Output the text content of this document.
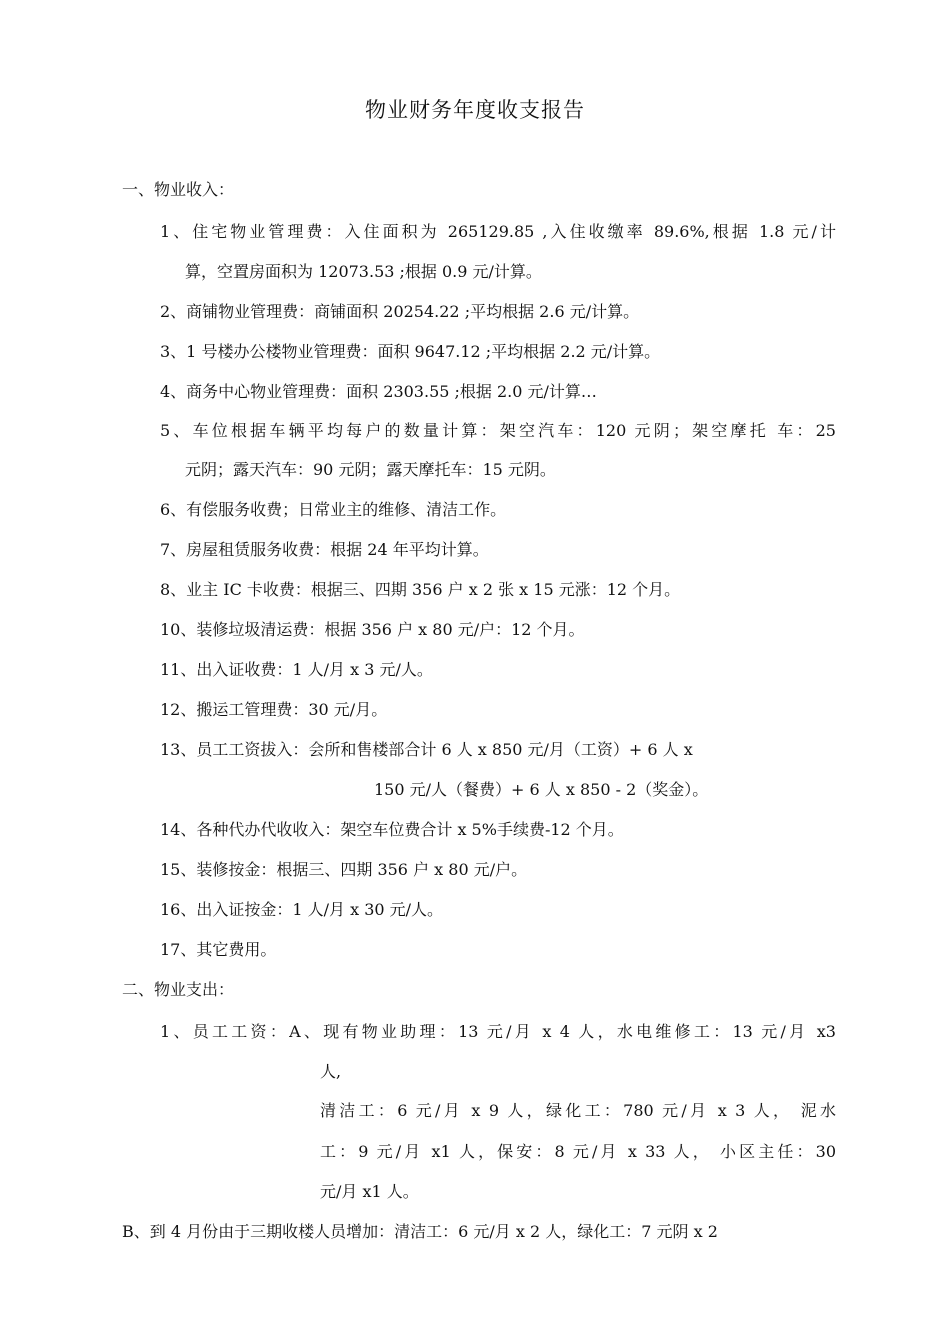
物业财务年度收支报告
一、物业收入：
1、住宅物业管理费：入住面积为 265129.85 ,入住收缴率 89.6%,根据 1.8 元/计
算，空置房面积为 12073.53 ;根据 0.9 元/计算。
2、商铺物业管理费：商铺面积 20254.22 ;平均根据 2.6 元/计算。
3、1 号楼办公楼物业管理费：面积 9647.12 ;平均根据 2.2 元/计算。
4、商务中心物业管理费：面积 2303.55 ;根据 2.0 元/计算…
5、车位根据车辆平均每户的数量计算：架空汽车：120 元阴；架空摩托 车：25
元阴；露天汽车：90 元阴；露天摩托车：15 元阴。
6、有偿服务收费；日常业主的维修、清洁工作。
7、房屋租赁服务收费：根据 24 年平均计算。
8、业主 IC 卡收费：根据三、四期 356 户 x 2 张 x 15 元涨：12 个月。
10、装修垃圾清运费：根据 356 户 x 80 元/户：12 个月。
11、出入证收费：1 人/月 x 3 元/人。
12、搬运工管理费：30 元/月。
13、员工工资拔入：会所和售楼部合计 6 人 x 850 元/月（工资）+ 6 人 x
150 元/人（餐费）+ 6 人 x 850 - 2（奖金）。
14、各种代办代收收入：架空车位费合计 x 5%手续费-12 个月。
15、装修按金：根据三、四期 356 户 x 80 元/户。
16、出入证按金：1 人/月 x 30 元/人。
17、其它费用。
二、物业支出：
1、员工工资：A、现有物业助理：13 元/月 x 4 人，水电维修工：13 元/月 x3
人,
清洁工：6 元/月 x 9 人，绿化工：780 元/月 x 3 人， 泥水
工：9 元/月 x1 人，保安：8 元/月 x 33 人， 小区主任：30
元/月 x1 人。
B、到 4 月份由于三期收楼人员增加：清洁工：6 元/月 x 2 人，绿化工：7 元阴 x 2
